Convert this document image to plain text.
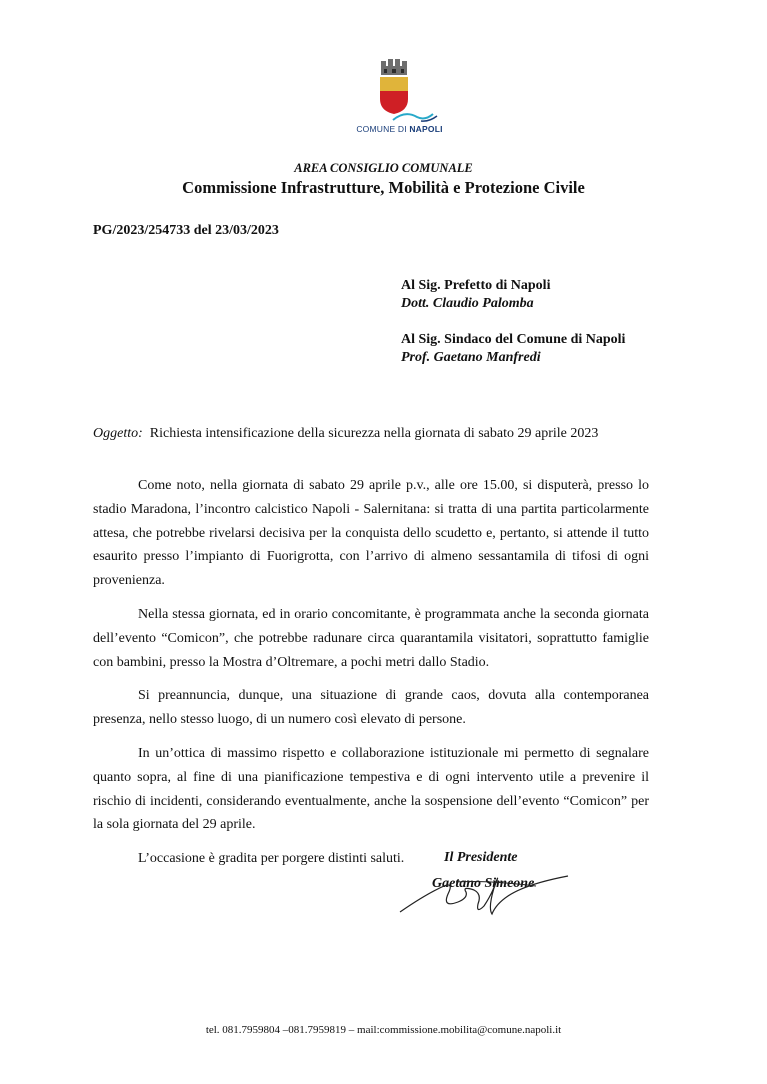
COMUNE DI NAPOLI
AREA CONSIGLIO COMUNALE
Commissione Infrastrutture, Mobilità e Protezione Civile
PG/2023/254733 del 23/03/2023
Al Sig. Prefetto di Napoli
Dott. Claudio Palomba
Al Sig. Sindaco del Comune di Napoli
Prof. Gaetano Manfredi
Oggetto: Richiesta intensificazione della sicurezza nella giornata di sabato 29 aprile 2023

Come noto, nella giornata di sabato 29 aprile p.v., alle ore 15.00, si disputerà, presso lo stadio Maradona, l’incontro calcistico Napoli - Salernitana: si tratta di una partita particolarmente attesa, che potrebbe rivelarsi decisiva per la conquista dello scudetto e, pertanto, si attende il tutto esaurito presso l’impianto di Fuorigrotta, con l’arrivo di almeno sessantamila di tifosi di ogni provenienza.

Nella stessa giornata, ed in orario concomitante, è programmata anche la seconda giornata dell’evento “Comicon”, che potrebbe radunare circa quarantamila visitatori, soprattutto famiglie con bambini, presso la Mostra d’Oltremare, a pochi metri dallo Stadio.

Si preannuncia, dunque, una situazione di grande caos, dovuta alla contemporanea presenza, nello stesso luogo, di un numero così elevato di persone.

In un’ottica di massimo rispetto e collaborazione istituzionale mi permetto di segnalare quanto sopra, al fine di una pianificazione tempestiva e di ogni intervento utile a prevenire il rischio di incidenti, considerando eventualmente, anche la sospensione dell’evento “Comicon” per la sola giornata del 29 aprile.

L’occasione è gradita per porgere distinti saluti.	Il Presidente
Gaetano Simeone
tel. 081.7959804 –081.7959819 – mail:commissione.mobilita@comune.napoli.it
